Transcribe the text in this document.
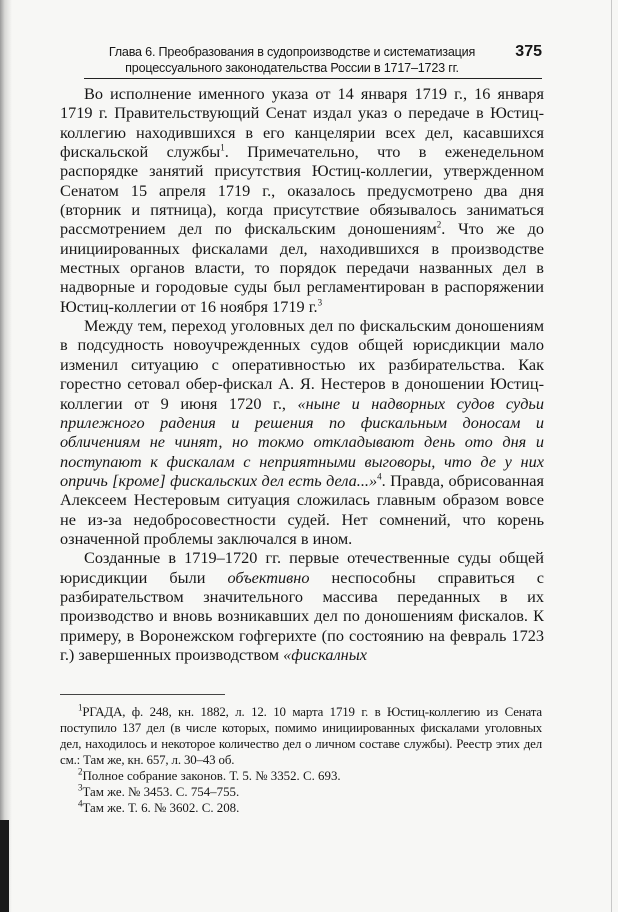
Глава 6. Преобразования в судопроизводстве и систематизация
процессуального законодательства России в 1717–1723 гг.
375

Во исполнение именного указа от 14 января 1719 г., 16 января 1719 г. Правительствующий Сенат издал указ о передаче в Юстиц-коллегию находившихся в его канцелярии всех дел, касавшихся фискальской службы$^1$. Примечательно, что в еженедельном распорядке занятий присутствия Юстиц-коллегии, утвержденном Сенатом 15 апреля 1719 г., оказалось предусмотрено два дня (вторник и пятница), когда присутствие обязывалось заниматься рассмотрением дел по фискальским доношениям$^2$. Что же до инициированных фискалами дел, находившихся в производстве местных органов власти, то порядок передачи названных дел в надворные и городовые суды был регламентирован в распоряжении Юстиц-коллегии от 16 ноября 1719 г.$^3$

Между тем, переход уголовных дел по фискальским доношениям в подсудность новоучрежденных судов общей юрисдикции мало изменил ситуацию с оперативностью их разбирательства. Как горестно сетовал обер-фискал А. Я. Нестеров в доношении Юстиц-коллегии от 9 июня 1720 г., «ныне и надворных судов судьи прилежного радения и решения по фискальным доносам и обличениям не чинят, но токмо откладывают день ото дня и поступают к фискалам с неприятными выговоры, что де у них опричь [кроме] фискальских дел есть дела...»$^4$. Правда, обрисованная Алексеем Нестеровым ситуация сложилась главным образом вовсе не из-за недобросовестности судей. Нет сомнений, что корень означенной проблемы заключался в ином.

Созданные в 1719–1720 гг. первые отечественные суды общей юрисдикции были объективно неспособны справиться с разбирательством значительного массива переданных в их производство и вновь возникавших дел по доношениям фискалов. К примеру, в Воронежском гофгерихте (по состоянию на февраль 1723 г.) завершенных производством «фискалных

$^1$РГАДА, ф. 248, кн. 1882, л. 12. 10 марта 1719 г. в Юстиц-коллегию из Сената поступило 137 дел (в числе которых, помимо инициированных фискалами уголовных дел, находилось и некоторое количество дел о личном составе службы). Реестр этих дел см.: Там же, кн. 657, л. 30–43 об.

$^2$Полное собрание законов. Т. 5. № 3352. С. 693.

$^3$Там же. № 3453. С. 754–755.

$^4$Там же. Т. 6. № 3602. С. 208.
